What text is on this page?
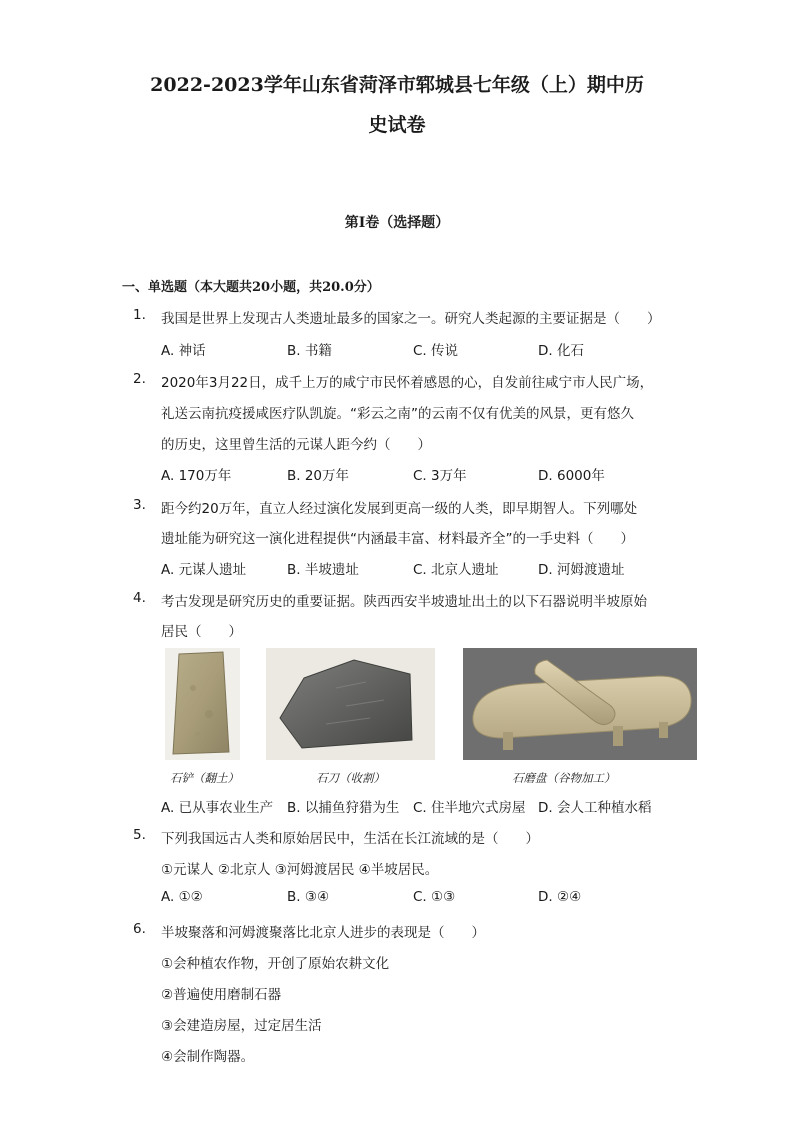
2022-2023学年山东省菏泽市郓城县七年级（上）期中历
史试卷
第I卷（选择题）
一、单选题（本大题共20小题，共20.0分）
1. 我国是世界上发现古人类遗址最多的国家之一。研究人类起源的主要证据是（　　）
A. 神话	B. 书籍	C. 传说	D. 化石
2. 2020年3月22日，成千上万的咸宁市民怀着感恩的心，自发前往咸宁市人民广场，
礼送云南抗疫援咸医疗队凯旋。“彩云之南”的云南不仅有优美的风景，更有悠久
的历史，这里曾生活的元谋人距今约（　　）
A. 170万年	B. 20万年	C. 3万年	D. 6000年
3. 距今约20万年，直立人经过演化发展到更高一级的人类，即早期智人。下列哪处
遗址能为研究这一演化进程提供“内涵最丰富、材料最齐全”的一手史料（　　）
A. 元谋人遗址	B. 半坡遗址	C. 北京人遗址	D. 河姆渡遗址
4. 考古发现是研究历史的重要证据。陕西西安半坡遗址出土的以下石器说明半坡原始
居民（　　）
石铲（翻土）	石刀（收割）	石磨盘（谷物加工）
A. 已从事农业生产 B. 以捕鱼狩猎为生 C. 住半地穴式房屋 D. 会人工种植水稻
5. 下列我国远古人类和原始居民中，生活在长江流域的是（　　）
①元谋人 ②北京人 ③河姆渡居民 ④半坡居民。
A. ①②	B. ③④	C. ①③	D. ②④
6. 半坡聚落和河姆渡聚落比北京人进步的表现是（　　）
①会种植农作物，开创了原始农耕文化
②普遍使用磨制石器
③会建造房屋，过定居生活
④会制作陶器。
